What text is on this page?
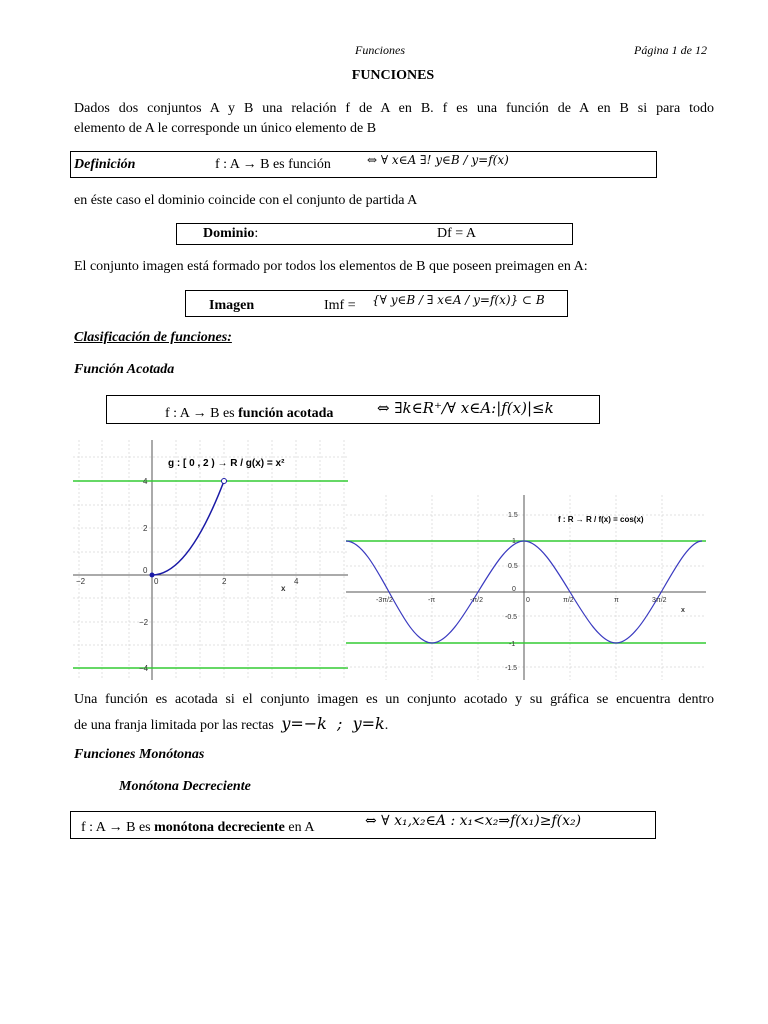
Funciones	Página 1 de 12
FUNCIONES
Dados dos conjuntos A y B una relación f de A en B. f es una función de A en B si para todo
elemento de A le corresponde un único elemento de B
Definición	f : A → B es función	⇔ ∀ x∈A ∃! y∈B / y=f(x)
en éste caso el dominio coincide con el conjunto de partida A
Dominio:	Df = A
El conjunto imagen está formado por todos los elementos de B que poseen preimagen en A:
Imagen	Imf = {∀ y∈B / ∃ x∈A / y=f(x)} ⊂ B
Clasificación de funciones:
Función Acotada
f : A → B es función acotada	⇔ ∃k∈R⁺/∀ x∈A:|f(x)|≤k
g : [ 0 , 2 ) → R / g(x) = x²
−2	0	2	4
4
2
0
−2
−4
x
f : R → R / f(x) = cos(x)
-3π/2	-π	-π/2	0	π/2	π	3π/2
1.5
1
0.5
0
-0.5
-1
-1.5
x
Una función es acotada si el conjunto imagen es un conjunto acotado y su gráfica se encuentra dentro
de una franja limitada por las rectas y=−k  ;  y=k.
Funciones Monótonas
Monótona Decreciente
f : A → B es monótona decreciente en A	⇔ ∀ x₁,x₂∈A : x₁<x₂⇒f(x₁)≥f(x₂)
